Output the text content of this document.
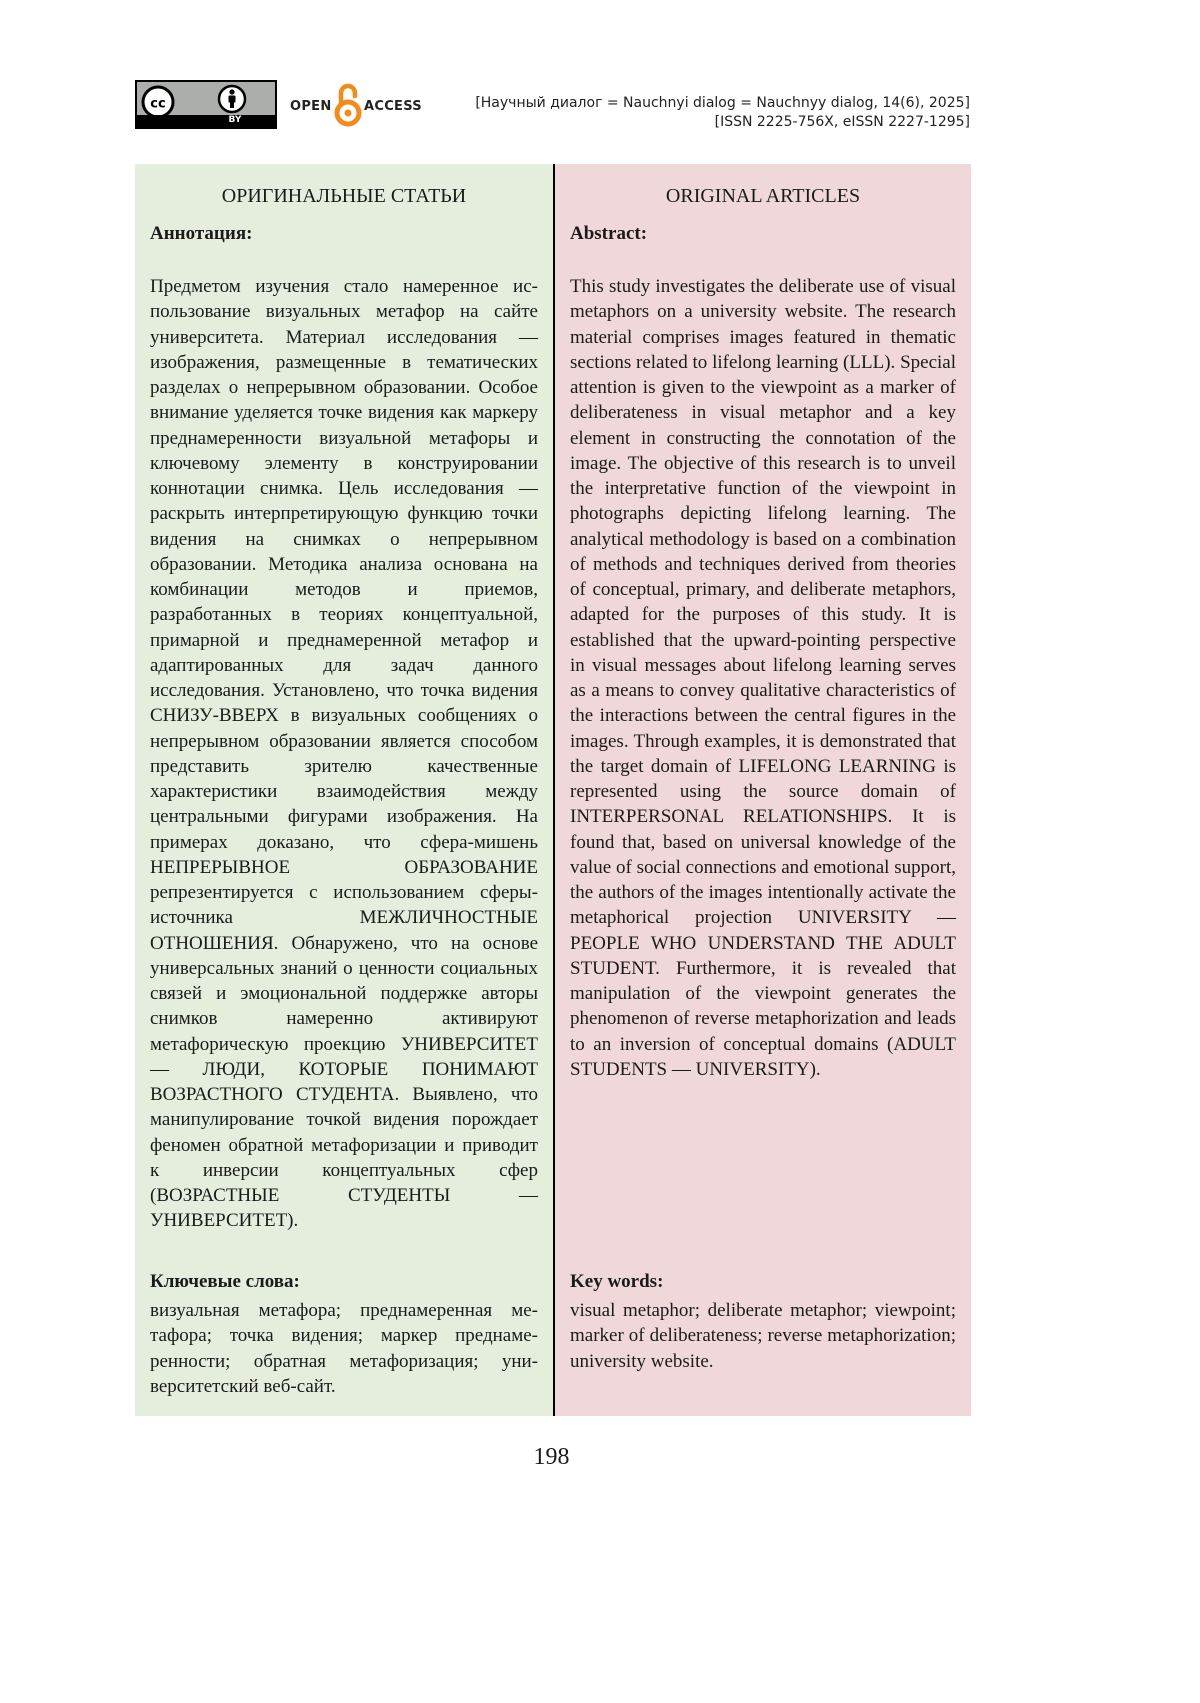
cc
BY
OPEN ACCESS	[Научный диалог = Nauchnyi dialog = Nauchnyy dialog, 14(6), 2025]
[ISSN 2225-756X, eISSN 2227-1295]
ОРИГИНАЛЬНЫЕ СТАТЬИ
Аннотация:
Предметом изучения стало намеренное использование визуальных метафор на сайте университета. Материал исследования — изображения, размещенные в тематических разделах о непрерывном образовании. Особое внимание уделяется точке видения как маркеру преднамеренности визуальной метафоры и ключевому элементу в конструировании коннотации снимка. Цель исследования — раскрыть интерпретирующую функцию точки видения на снимках о непрерывном образовании. Методика анализа основана на комбинации методов и приемов, разработанных в теориях концептуальной, примарной и преднамеренной метафор и адаптированных для задач данного исследования. Установлено, что точка видения СНИЗУ-ВВЕРХ в визуальных сообщениях о непрерывном образовании является способом представить зрителю качественные характеристики взаимодействия между центральными фигурами изображения. На примерах доказано, что сфера-мишень НЕПРЕРЫВНОЕ ОБРАЗОВАНИЕ репрезентируется с использованием сферы-источника МЕЖЛИЧНОСТНЫЕ ОТНОШЕНИЯ. Обнаружено, что на основе универсальных знаний о ценности социальных связей и эмоциональной поддержке авторы снимков намеренно активируют метафорическую проекцию УНИВЕРСИТЕТ — ЛЮДИ, КОТОРЫЕ ПОНИМАЮТ ВОЗРАСТНОГО СТУДЕНТА. Выявлено, что манипулирование точкой видения порождает феномен обратной метафоризации и приводит к инверсии концептуальных сфер (ВОЗРАСТНЫЕ СТУДЕНТЫ — УНИВЕРСИТЕТ).
Ключевые слова:
визуальная метафора; преднамеренная метафора; точка видения; маркер преднамеренности; обратная метафоризация; университетский веб-сайт.
ORIGINAL ARTICLES
Abstract:
This study investigates the deliberate use of visual metaphors on a university website. The research material comprises images featured in thematic sections related to lifelong learning (LLL). Special attention is given to the viewpoint as a marker of deliberateness in visual metaphor and a key element in constructing the connotation of the image. The objective of this research is to unveil the interpretative function of the viewpoint in photographs depicting lifelong learning. The analytical methodology is based on a combination of methods and techniques derived from theories of conceptual, primary, and deliberate metaphors, adapted for the purposes of this study. It is established that the upward-pointing perspective in visual messages about lifelong learning serves as a means to convey qualitative characteristics of the interactions between the central figures in the images. Through examples, it is demonstrated that the target domain of LIFELONG LEARNING is represented using the source domain of INTERPERSONAL RELATIONSHIPS. It is found that, based on universal knowledge of the value of social connections and emotional support, the authors of the images intentionally activate the metaphorical projection UNIVERSITY — PEOPLE WHO UNDERSTAND THE ADULT STUDENT. Furthermore, it is revealed that manipulation of the viewpoint generates the phenomenon of reverse metaphorization and leads to an inversion of conceptual domains (ADULT STUDENTS — UNIVERSITY).
Key words:
visual metaphor; deliberate metaphor; viewpoint; marker of deliberateness; reverse metaphorization; university website.
198
